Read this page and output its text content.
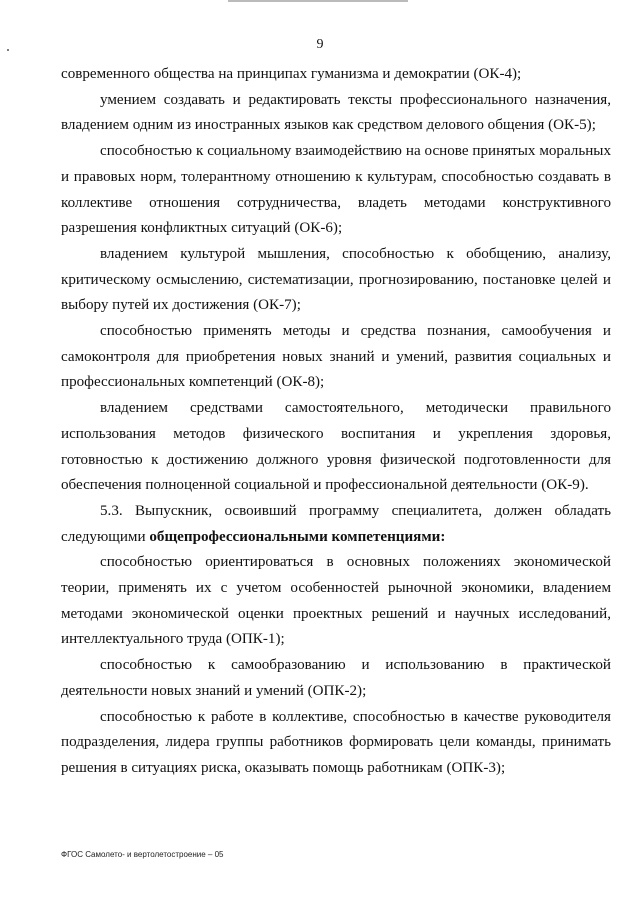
9

современного общества на принципах гуманизма и демократии (ОК-4);

умением создавать и редактировать тексты профессионального назначения, владением одним из иностранных языков как средством делового общения (ОК-5);

способностью к социальному взаимодействию на основе принятых моральных и правовых норм, толерантному отношению к культурам, способностью создавать в коллективе отношения сотрудничества, владеть методами конструктивного разрешения конфликтных ситуаций (ОК-6);

владением культурой мышления, способностью к обобщению, анализу, критическому осмыслению, систематизации, прогнозированию, постановке целей и выбору путей их достижения (ОК-7);

способностью применять методы и средства познания, самообучения и самоконтроля для приобретения новых знаний и умений, развития социальных и профессиональных компетенций (ОК-8);

владением средствами самостоятельного, методически правильного использования методов физического воспитания и укрепления здоровья, готовностью к достижению должного уровня физической подготовленности для обеспечения полноценной социальной и профессиональной деятельности (ОК-9).

5.3. Выпускник, освоивший программу специалитета, должен обладать следующими общепрофессиональными компетенциями:

способностью ориентироваться в основных положениях экономической теории, применять их с учетом особенностей рыночной экономики, владением методами экономической оценки проектных решений и научных исследований, интеллектуального труда (ОПК-1);

способностью к самообразованию и использованию в практической деятельности новых знаний и умений (ОПК-2);

способностью к работе в коллективе, способностью в качестве руководителя подразделения, лидера группы работников формировать цели команды, принимать решения в ситуациях риска, оказывать помощь работникам (ОПК-3);

ФГОС Самолето- и вертолетостроение – 05
